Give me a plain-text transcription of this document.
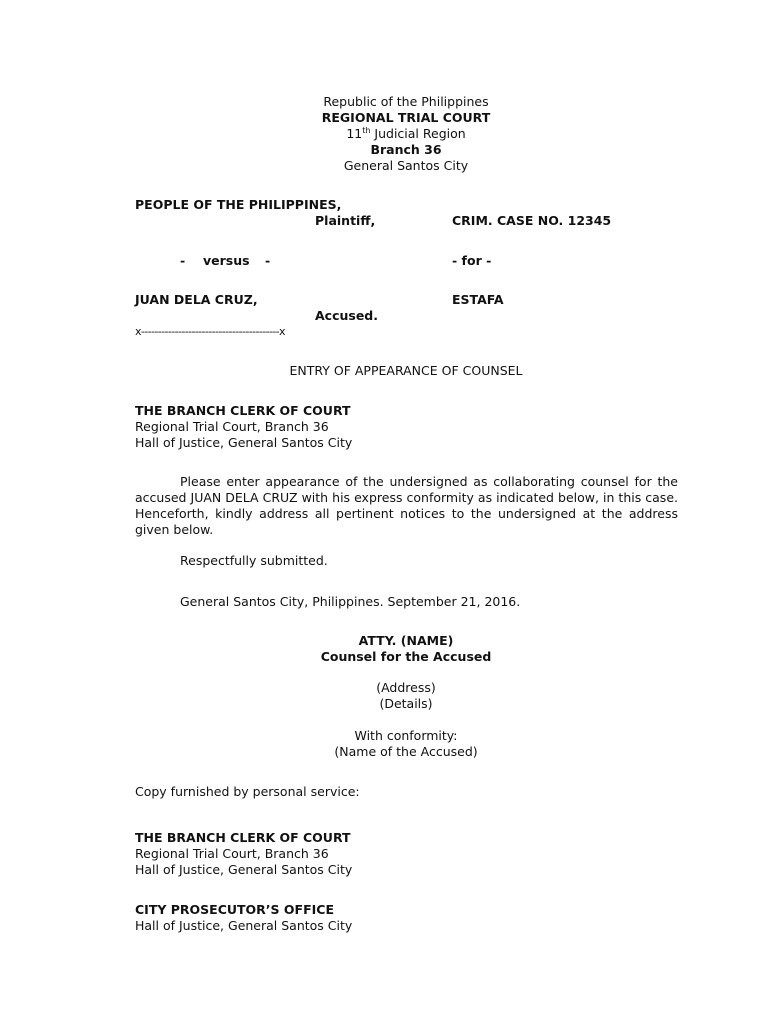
Republic of the Philippines
REGIONAL TRIAL COURT
11th Judicial Region
Branch 36
General Santos City
PEOPLE OF THE PHILIPPINES,
Plaintiff,	CRIM. CASE NO. 12345
- versus -	- for -
JUAN DELA CRUZ,	ESTAFA
Accused.
x-----------------------------------------x
ENTRY OF APPEARANCE OF COUNSEL
THE BRANCH CLERK OF COURT
Regional Trial Court, Branch 36
Hall of Justice, General Santos City
Please enter appearance of the undersigned as collaborating counsel for the accused JUAN DELA CRUZ with his express conformity as indicated below, in this case. Henceforth, kindly address all pertinent notices to the undersigned at the address given below.
Respectfully submitted.
General Santos City, Philippines. September 21, 2016.
ATTY. (NAME)
Counsel for the Accused
(Address)
(Details)
With conformity:
(Name of the Accused)
Copy furnished by personal service:
THE BRANCH CLERK OF COURT
Regional Trial Court, Branch 36
Hall of Justice, General Santos City
CITY PROSECUTOR’S OFFICE
Hall of Justice, General Santos City
